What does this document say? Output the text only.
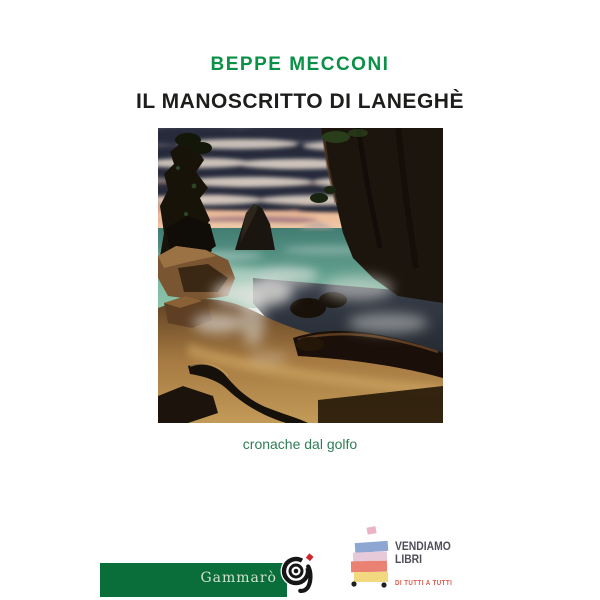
BEPPE MECCONI
IL MANOSCRITTO DI LANEGHÈ
cronache dal golfo
Gammarò
VENDIAMO
LIBRI
DI TUTTI A TUTTI
